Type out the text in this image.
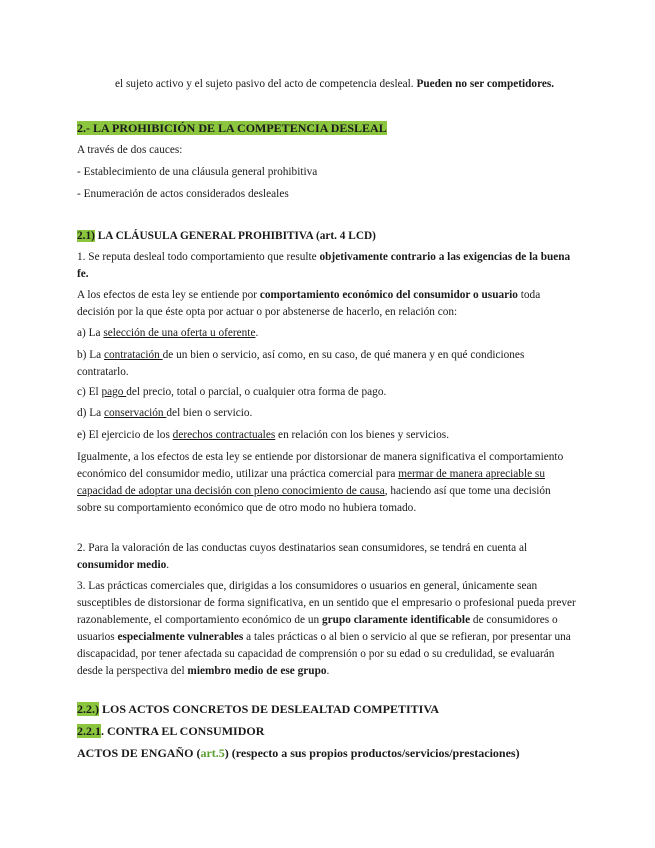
el sujeto activo y el sujeto pasivo del acto de competencia desleal. Pueden no ser competidores.

2.- LA PROHIBICIÓN DE LA COMPETENCIA DESLEAL

A través de dos cauces:

- Establecimiento de una cláusula general prohibitiva

- Enumeración de actos considerados desleales

2.1) LA CLÁUSULA GENERAL PROHIBITIVA (art. 4 LCD)

1. Se reputa desleal todo comportamiento que resulte objetivamente contrario a las exigencias de la buena fe.

A los efectos de esta ley se entiende por comportamiento económico del consumidor o usuario toda decisión por la que éste opta por actuar o por abstenerse de hacerlo, en relación con:

a) La selección de una oferta u oferente.

b) La contratación de un bien o servicio, así como, en su caso, de qué manera y en qué condiciones contratarlo.

c) El pago del precio, total o parcial, o cualquier otra forma de pago.

d) La conservación del bien o servicio.

e) El ejercicio de los derechos contractuales en relación con los bienes y servicios.

Igualmente, a los efectos de esta ley se entiende por distorsionar de manera significativa el comportamiento económico del consumidor medio, utilizar una práctica comercial para mermar de manera apreciable su capacidad de adoptar una decisión con pleno conocimiento de causa, haciendo así que tome una decisión sobre su comportamiento económico que de otro modo no hubiera tomado.

2. Para la valoración de las conductas cuyos destinatarios sean consumidores, se tendrá en cuenta al consumidor medio.

3. Las prácticas comerciales que, dirigidas a los consumidores o usuarios en general, únicamente sean susceptibles de distorsionar de forma significativa, en un sentido que el empresario o profesional pueda prever razonablemente, el comportamiento económico de un grupo claramente identificable de consumidores o usuarios especialmente vulnerables a tales prácticas o al bien o servicio al que se refieran, por presentar una discapacidad, por tener afectada su capacidad de comprensión o por su edad o su credulidad, se evaluarán desde la perspectiva del miembro medio de ese grupo.

2.2.) LOS ACTOS CONCRETOS DE DESLEALTAD COMPETITIVA

2.2.1. CONTRA EL CONSUMIDOR

ACTOS DE ENGAÑO (art.5) (respecto a sus propios productos/servicios/prestaciones)
